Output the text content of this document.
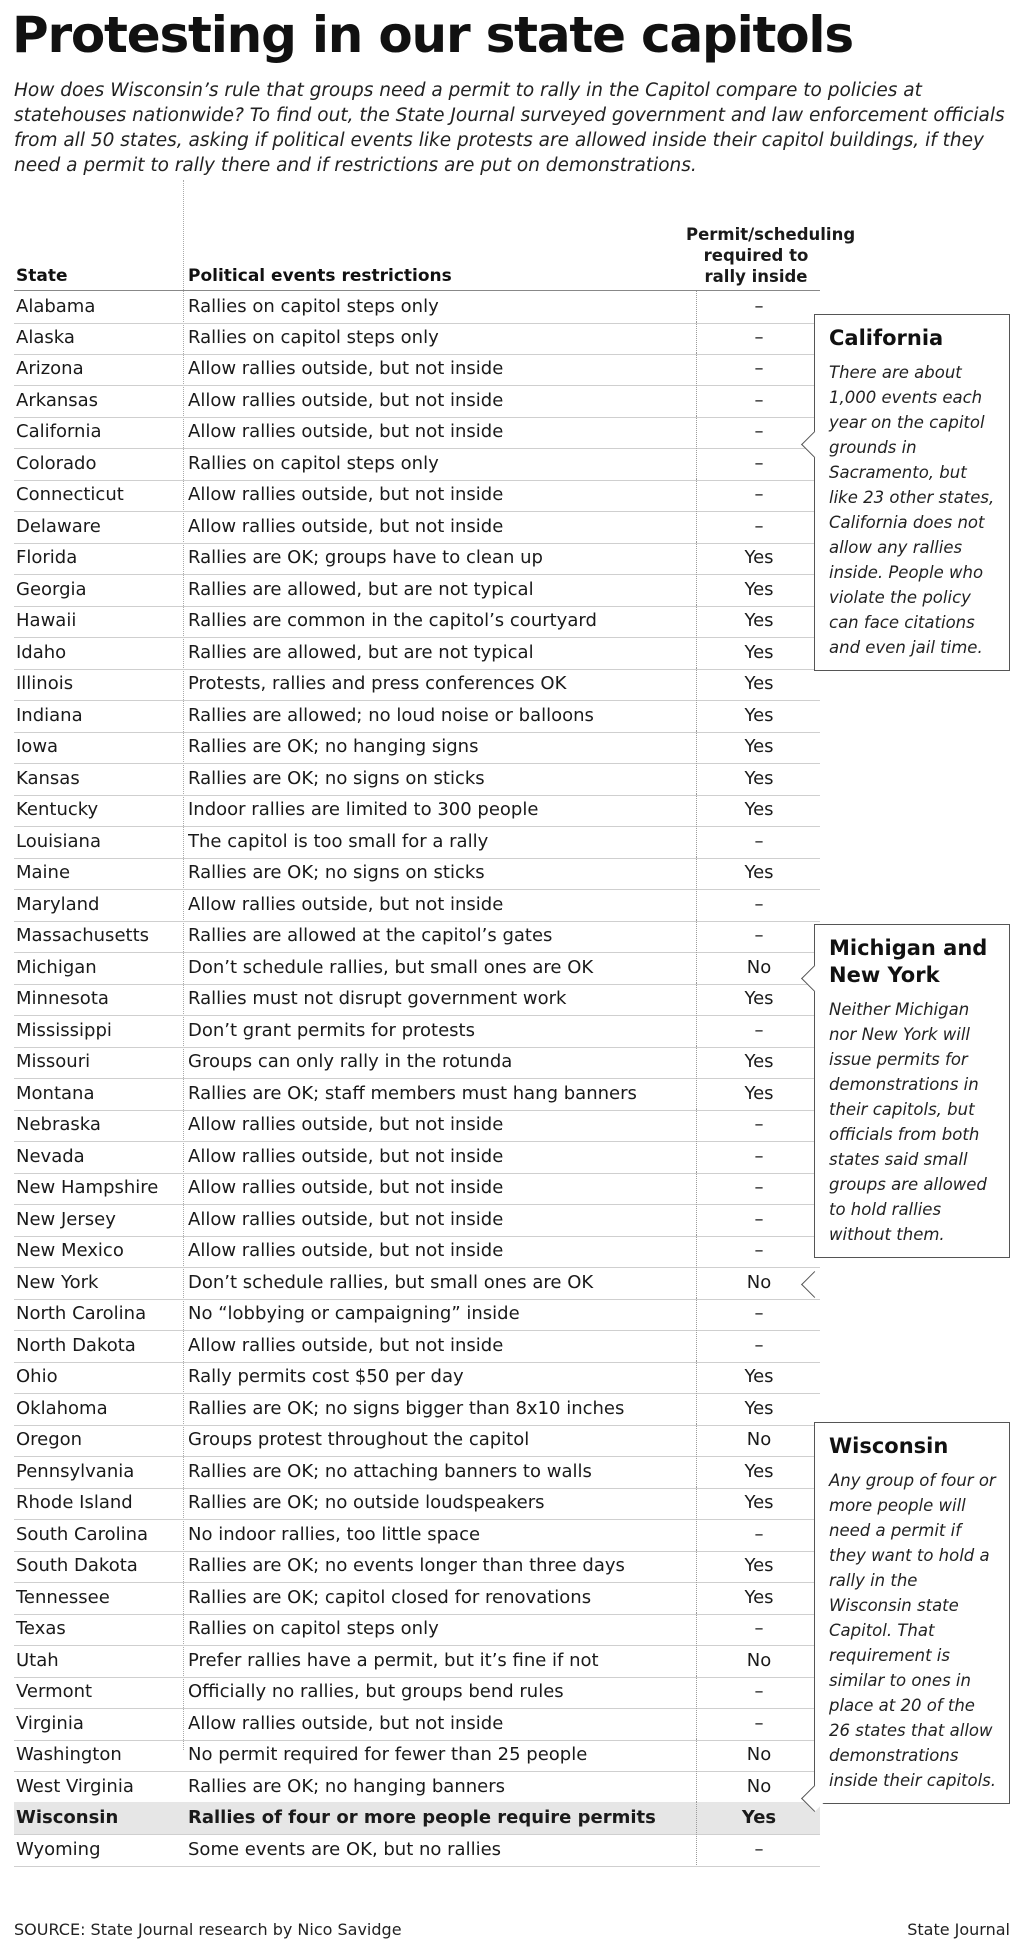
Protesting in our state capitols

How does Wisconsin’s rule that groups need a permit to rally in the Capitol compare to policies at statehouses nationwide? To find out, the State Journal surveyed government and law enforcement officials from all 50 states, asking if political events like protests are allowed inside their capitol buildings, if they need a permit to rally there and if restrictions are put on demonstrations.

State	Political events restrictions
Permit/scheduling
required to
rally inside
Alabama	Rallies on capitol steps only	–
Alaska	Rallies on capitol steps only	–
Arizona	Allow rallies outside, but not inside	–
Arkansas	Allow rallies outside, but not inside	–
California	Allow rallies outside, but not inside	–
Colorado	Rallies on capitol steps only	–
Connecticut	Allow rallies outside, but not inside	–
Delaware	Allow rallies outside, but not inside	–
Florida	Rallies are OK; groups have to clean up	Yes
Georgia	Rallies are allowed, but are not typical	Yes
Hawaii	Rallies are common in the capitol’s courtyard	Yes
Idaho	Rallies are allowed, but are not typical	Yes
Illinois	Protests, rallies and press conferences OK	Yes
Indiana	Rallies are allowed; no loud noise or balloons	Yes
Iowa	Rallies are OK; no hanging signs	Yes
Kansas	Rallies are OK; no signs on sticks	Yes
Kentucky	Indoor rallies are limited to 300 people	Yes
Louisiana	The capitol is too small for a rally	–
Maine	Rallies are OK; no signs on sticks	Yes
Maryland	Allow rallies outside, but not inside	–
Massachusetts Rallies are allowed at the capitol’s gates	–
Michigan	Don’t schedule rallies, but small ones are OK	No
Minnesota	Rallies must not disrupt government work	Yes
Mississippi	Don’t grant permits for protests	–
Missouri	Groups can only rally in the rotunda	Yes
Montana	Rallies are OK; staff members must hang banners	Yes
Nebraska	Allow rallies outside, but not inside	–
Nevada	Allow rallies outside, but not inside	–
New Hampshire Allow rallies outside, but not inside	–
New Jersey	Allow rallies outside, but not inside	–
New Mexico	Allow rallies outside, but not inside	–
New York	Don’t schedule rallies, but small ones are OK	No
North Carolina No “lobbying or campaigning” inside	–
North Dakota	Allow rallies outside, but not inside	–
Ohio	Rally permits cost $50 per day	Yes
Oklahoma	Rallies are OK; no signs bigger than 8x10 inches	Yes
Oregon	Groups protest throughout the capitol	No
Pennsylvania	Rallies are OK; no attaching banners to walls	Yes
Rhode Island	Rallies are OK; no outside loudspeakers	Yes
South Carolina No indoor rallies, too little space	–
South Dakota	Rallies are OK; no events longer than three days	Yes
Tennessee	Rallies are OK; capitol closed for renovations	Yes
Texas	Rallies on capitol steps only	–
Utah	Prefer rallies have a permit, but it’s fine if not	No
Vermont	Officially no rallies, but groups bend rules	–
Virginia	Allow rallies outside, but not inside	–
Washington	No permit required for fewer than 25 people	No
West Virginia	Rallies are OK; no hanging banners	No
Wisconsin	Rallies of four or more people require permits	Yes
Wyoming	Some events are OK, but no rallies	–
California

There are about 1,000 events each year on the capitol grounds in Sacramento, but like 23 other states, California does not allow any rallies inside. People who violate the policy can face citations and even jail time.

Michigan and New York

Neither Michigan nor New York will issue permits for demonstrations in their capitols, but officials from both states said small groups are allowed to hold rallies without them.

Wisconsin

Any group of four or more people will need a permit if they want to hold a rally in the Wisconsin state Capitol. That requirement is similar to ones in place at 20 of the 26 states that allow demonstrations inside their capitols.

SOURCE: State Journal research by Nico Savidge	State Journal
